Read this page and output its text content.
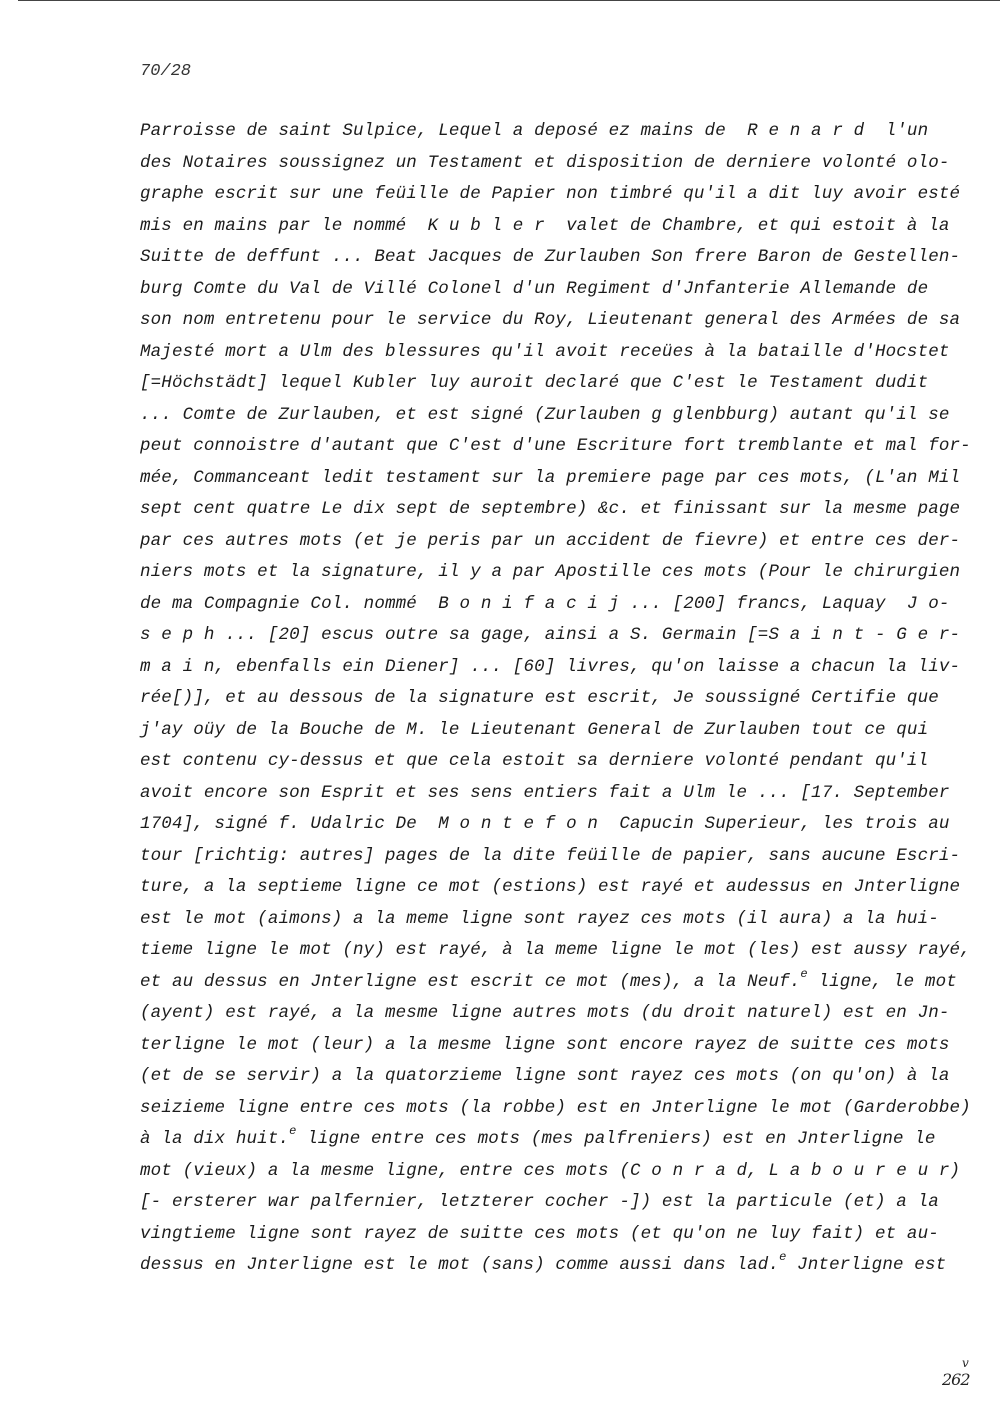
70/28
Parroisse de saint Sulpice, Lequel a deposé ez mains de  R e n a r d  l'un
des Notaires soussignez un Testament et disposition de derniere volonté olo-
graphe escrit sur une feüille de Papier non timbré qu'il a dit luy avoir esté
mis en mains par le nommé  K u b l e r  valet de Chambre, et qui estoit à la
Suitte de deffunt ... Beat Jacques de Zurlauben Son frere Baron de Gestellen-
burg Comte du Val de Villé Colonel d'un Regiment d'Jnfanterie Allemande de
son nom entretenu pour le service du Roy, Lieutenant general des Armées de sa
Majesté mort a Ulm des blessures qu'il avoit receües à la bataille d'Hocstet
[=Höchstädt] lequel Kubler luy auroit declaré que C'est le Testament dudit
... Comte de Zurlauben, et est signé (Zurlauben g glenbburg) autant qu'il se
peut connoistre d'autant que C'est d'une Escriture fort tremblante et mal for-
mée, Commanceant ledit testament sur la premiere page par ces mots, (L'an Mil
sept cent quatre Le dix sept de septembre) &c. et finissant sur la mesme page
par ces autres mots (et je peris par un accident de fievre) et entre ces der-
niers mots et la signature, il y a par Apostille ces mots (Pour le chirurgien
de ma Compagnie Col. nommé  B o n i f a c i j ... [200] francs, Laquay  J o-
s e p h ... [20] escus outre sa gage, ainsi a S. Germain [=S a i n t - G e r-
m a i n, ebenfalls ein Diener] ... [60] livres, qu'on laisse a chacun la liv-
rée[)], et au dessous de la signature est escrit, Je soussigné Certifie que
j'ay oüy de la Bouche de M. le Lieutenant General de Zurlauben tout ce qui
est contenu cy-dessus et que cela estoit sa derniere volonté pendant qu'il
avoit encore son Esprit et ses sens entiers fait a Ulm le ... [17. September
1704], signé f. Udalric De  M o n t e f o n  Capucin Superieur, les trois au
tour [richtig: autres] pages de la dite feüille de papier, sans aucune Escri-
ture, a la septieme ligne ce mot (estions) est rayé et audessus en Jnterligne
est le mot (aimons) a la meme ligne sont rayez ces mots (il aura) a la hui-
tieme ligne le mot (ny) est rayé, à la meme ligne le mot (les) est aussy rayé,
et au dessus en Jnterligne est escrit ce mot (mes), a la Neuf.$^e$ ligne, le mot
(ayent) est rayé, a la mesme ligne autres mots (du droit naturel) est en Jn-
terligne le mot (leur) a la mesme ligne sont encore rayez de suitte ces mots
(et de se servir) a la quatorzieme ligne sont rayez ces mots (on qu'on) à la
seizieme ligne entre ces mots (la robbe) est en Jnterligne le mot (Garderobbe)
à la dix huit.$^e$ ligne entre ces mots (mes palfreniers) est en Jnterligne le
mot (vieux) a la mesme ligne, entre ces mots (C o n r a d, L a b o u r e u r)
[- ersterer war palfernier, letzterer cocher -]) est la particule (et) a la
vingtieme ligne sont rayez de suitte ces mots (et qu'on ne luy fait) et au-
dessus en Jnterligne est le mot (sans) comme aussi dans lad.$^e$ Jnterligne est
v
262
